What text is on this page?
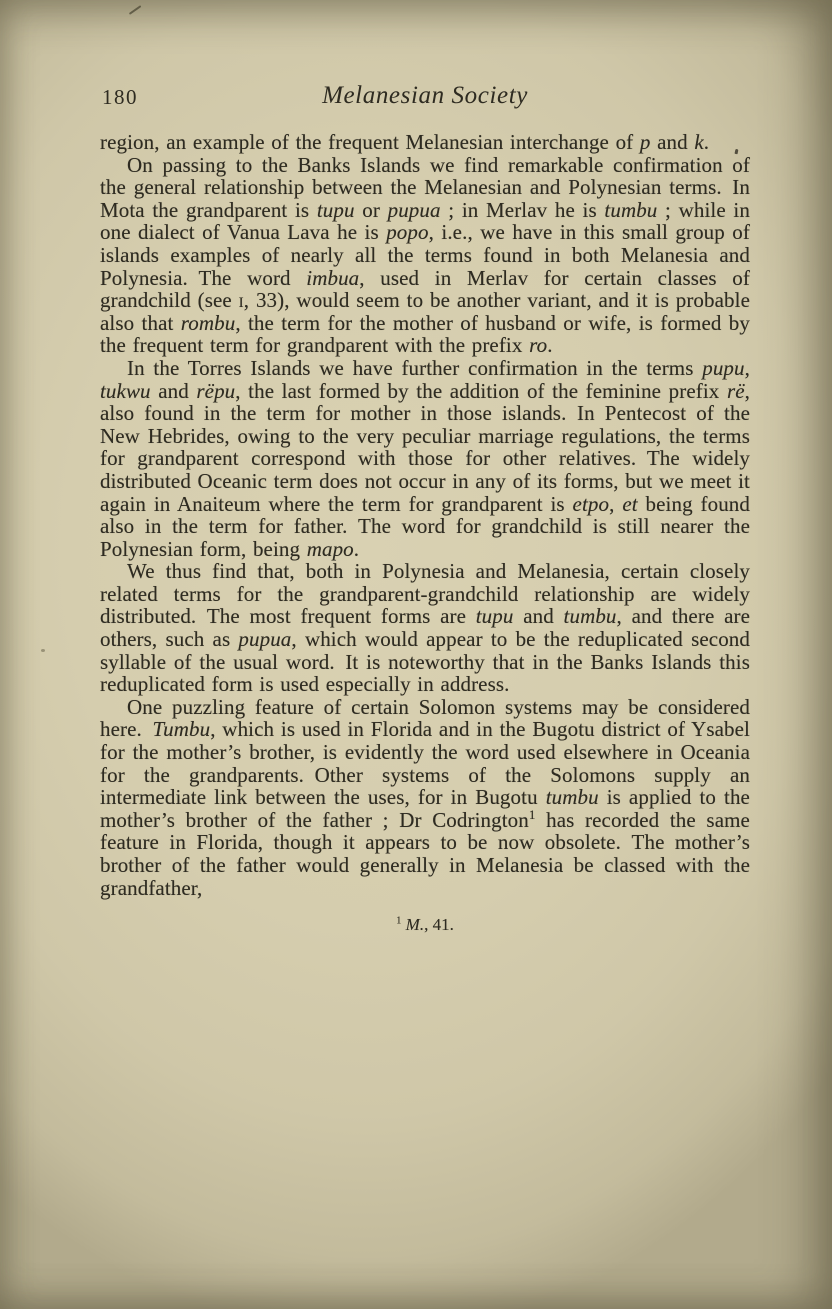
180	Melanesian Society

region, an example of the frequent Melanesian interchange of p and k.

On passing to the Banks Islands we find remarkable confirmation of the general relationship between the Melanesian and Polynesian terms. In Mota the grandparent is tupu or pupua ; in Merlav he is tumbu ; while in one dialect of Vanua Lava he is popo, i.e., we have in this small group of islands examples of nearly all the terms found in both Melanesia and Polynesia. The word imbua, used in Merlav for certain classes of grandchild (see i, 33), would seem to be another variant, and it is probable also that rombu, the term for the mother of husband or wife, is formed by the frequent term for grandparent with the prefix ro.

In the Torres Islands we have further confirmation in the terms pupu, tukwu and rëpu, the last formed by the addition of the feminine prefix rë, also found in the term for mother in those islands. In Pentecost of the New Hebrides, owing to the very peculiar marriage regulations, the terms for grandparent correspond with those for other relatives. The widely distributed Oceanic term does not occur in any of its forms, but we meet it again in Anaiteum where the term for grandparent is etpo, et being found also in the term for father. The word for grandchild is still nearer the Polynesian form, being mapo.

We thus find that, both in Polynesia and Melanesia, certain closely related terms for the grandparent-grandchild relationship are widely distributed. The most frequent forms are tupu and tumbu, and there are others, such as pupua, which would appear to be the reduplicated second syllable of the usual word. It is noteworthy that in the Banks Islands this reduplicated form is used especially in address.

One puzzling feature of certain Solomon systems may be considered here. Tumbu, which is used in Florida and in the Bugotu district of Ysabel for the mother’s brother, is evidently the word used elsewhere in Oceania for the grandparents. Other systems of the Solomons supply an intermediate link between the uses, for in Bugotu tumbu is applied to the mother’s brother of the father ; Dr Codrington$^1$ has recorded the same feature in Florida, though it appears to be now obsolete. The mother’s brother of the father would generally in Melanesia be classed with the grandfather,

$^1$ M., 41.
